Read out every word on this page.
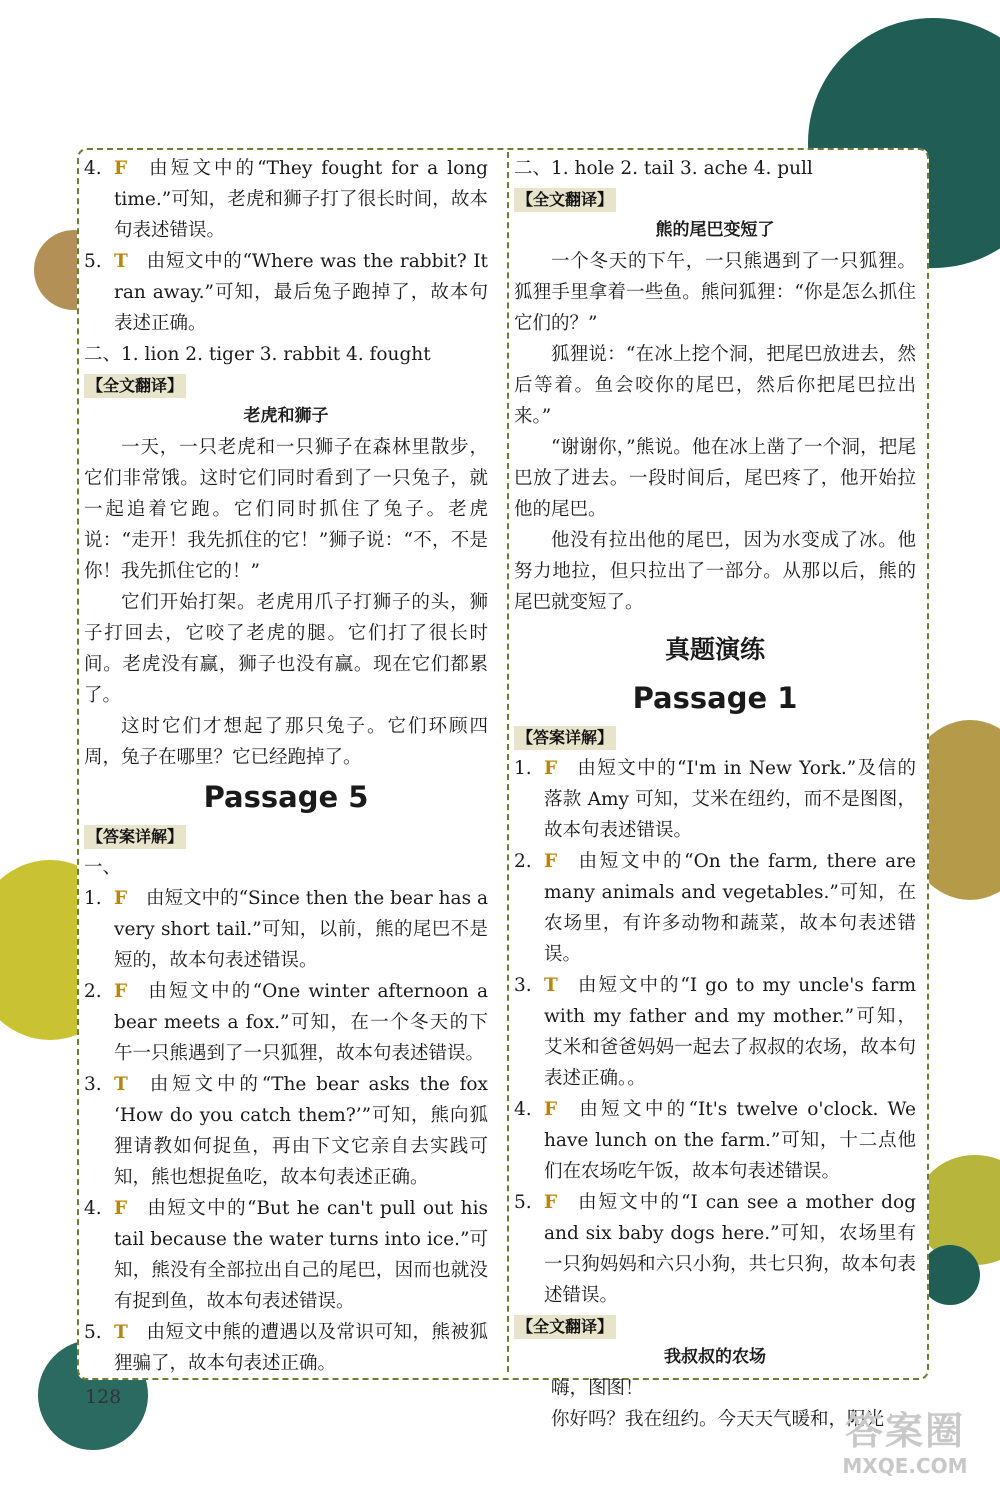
4. F 由短文中的“They fought for a long time.”可知，老虎和狮子打了很长时间，故本句表述错误。
5. T 由短文中的“Where was the rabbit? It ran away.”可知，最后兔子跑掉了，故本句表述正确。

二、1. lion 2. tiger 3. rabbit 4. fought

【全文翻译】
老虎和狮子

一天，一只老虎和一只狮子在森林里散步，它们非常饿。这时它们同时看到了一只兔子，就一起追着它跑。它们同时抓住了兔子。老虎说：“走开！我先抓住的它！”狮子说：“不，不是你！我先抓住它的！”

它们开始打架。老虎用爪子打狮子的头，狮子打回去，它咬了老虎的腿。它们打了很长时间。老虎没有赢，狮子也没有赢。现在它们都累了。

这时它们才想起了那只兔子。它们环顾四周，兔子在哪里？它已经跑掉了。

Passage 5
【答案详解】

一、

1. F 由短文中的“Since then the bear has a very short tail.”可知，以前，熊的尾巴不是短的，故本句表述错误。
2. F 由短文中的“One winter afternoon a bear meets a fox.”可知，在一个冬天的下午一只熊遇到了一只狐狸，故本句表述错误。
3. T 由短文中的“The bear asks the fox ‘How do you catch them?’”可知，熊向狐狸请教如何捉鱼，再由下文它亲自去实践可知，熊也想捉鱼吃，故本句表述正确。
4. F 由短文中的“But he can't pull out his tail because the water turns into ice.”可知，熊没有全部拉出自己的尾巴，因而也就没有捉到鱼，故本句表述错误。
5. T 由短文中熊的遭遇以及常识可知，熊被狐狸骗了，故本句表述正确。

二、1. hole 2. tail 3. ache 4. pull

【全文翻译】
熊的尾巴变短了

一个冬天的下午，一只熊遇到了一只狐狸。狐狸手里拿着一些鱼。熊问狐狸：“你是怎么抓住它们的？”

狐狸说：“在冰上挖个洞，把尾巴放进去，然后等着。鱼会咬你的尾巴，然后你把尾巴拉出来。”

“谢谢你，”熊说。他在冰上凿了一个洞，把尾巴放了进去。一段时间后，尾巴疼了，他开始拉他的尾巴。

他没有拉出他的尾巴，因为水变成了冰。他努力地拉，但只拉出了一部分。从那以后，熊的尾巴就变短了。

真题演练
Passage 1
【答案详解】
1. F 由短文中的“I'm in New York.”及信的落款 Amy 可知，艾米在纽约，而不是图图，故本句表述错误。
2. F 由短文中的“On the farm, there are many animals and vegetables.”可知，在农场里，有许多动物和蔬菜，故本句表述错误。
3. T 由短文中的“I go to my uncle's farm with my father and my mother.”可知，艾米和爸爸妈妈一起去了叔叔的农场，故本句表述正确。。
4. F 由短文中的“It's twelve o'clock. We have lunch on the farm.”可知，十二点他们在农场吃午饭，故本句表述错误。
5. F 由短文中的“I can see a mother dog and six baby dogs here.”可知，农场里有一只狗妈妈和六只小狗，共七只狗，故本句表述错误。
【全文翻译】
我叔叔的农场

嗨，图图！

你好吗？我在纽约。今天天气暖和，阳光

128
答案圈
MXQE.COM
